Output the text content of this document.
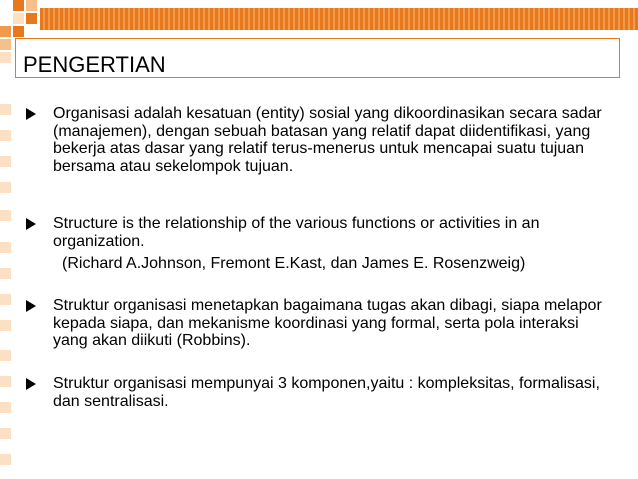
PENGERTIAN

Organisasi adalah kesatuan (entity) sosial yang dikoordinasikan secara sadar (manajemen), dengan sebuah batasan yang relatif dapat diidentifikasi, yang bekerja atas dasar yang relatif terus-menerus untuk mencapai suatu tujuan bersama atau sekelompok tujuan.

Structure is the relationship of the various functions or activities in an organization.
(Richard A.Johnson, Fremont E.Kast, dan James E. Rosenzweig)

Struktur organisasi menetapkan bagaimana tugas akan dibagi, siapa melapor kepada siapa, dan mekanisme koordinasi yang formal, serta pola interaksi yang akan diikuti (Robbins).

Struktur organisasi mempunyai 3 komponen,yaitu : kompleksitas, formalisasi, dan sentralisasi.
